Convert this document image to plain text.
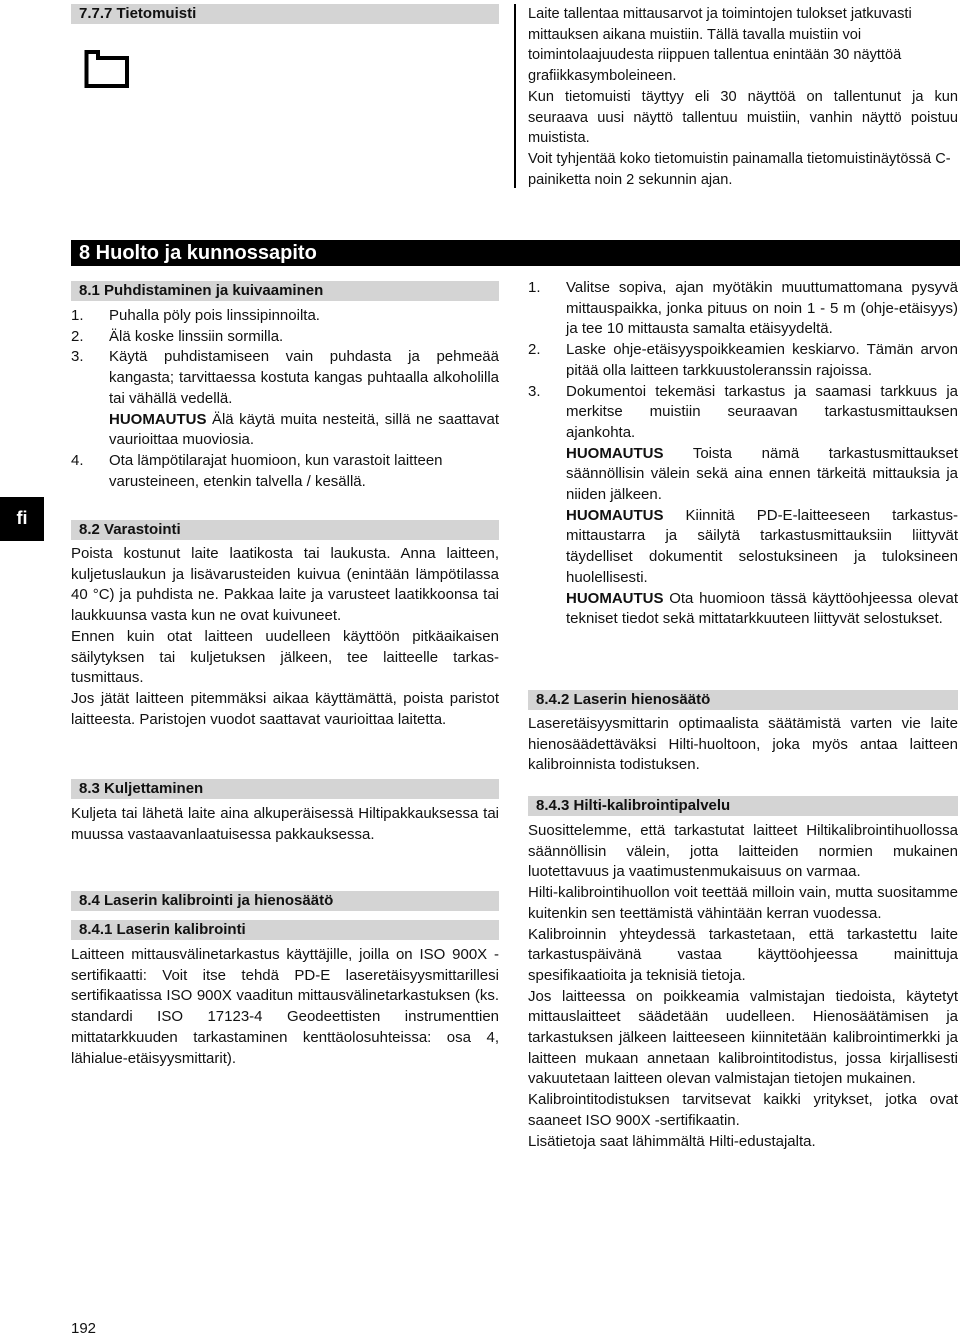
7.7.7 Tietomuisti	Laite tallentaa mittausarvot ja toimintojen tulokset jatkuvasti mittauksen aikana muistiin. Tällä tavalla muistiin voi toimintolaajuudesta riippuen tallentua enintään 30 näyttöä grafiikkasymboleineen.

Kun tietomuisti täyttyy eli 30 näyttöä on tallentunut ja kun seuraava uusi näyttö tallentuu muistiin, vanhin näyttö poistuu muistista.

Voit tyhjentää koko tietomuistin painamalla tietomuistinäytössä C-painiketta noin 2 sekunnin ajan.

8 Huolto ja kunnossapito
fi
8.1 Puhdistaminen ja kuivaaminen
1. Puhalla pöly pois linssipinnoilta.

2. Älä koske linssiin sormilla.

3. Käytä puhdistamiseen vain puhdasta ja pehmeää kangasta; tarvittaessa kostuta kangas puhtaalla alkoholilla tai vähällä vedellä.

HUOMAUTUS Älä käytä muita nesteitä, sillä ne saattavat vaurioittaa muoviosia.

4. Ota lämpötilarajat huomioon, kun varastoit laitteen varusteineen, etenkin talvella / kesällä.

8.2 Varastointi

Poista kostunut laite laatikosta tai laukusta. Anna laitteen, kuljetuslaukun ja lisävarusteiden kuivua (enintään lämpötilassa 40 °C) ja puhdista ne. Pakkaa laite ja varusteet laatikkoonsa tai laukkuunsa vasta kun ne ovat kuivuneet.

Ennen kuin otat laitteen uudelleen käyttöön pitkäaikaisen säilytyksen tai kuljetuksen jälkeen, tee laitteelle tarkastusmittaus.

Jos jätät laitteen pitemmäksi aikaa käyttämättä, poista paristot laitteesta. Paristojen vuodot saattavat vaurioittaa laitetta.

8.3 Kuljettaminen

Kuljeta tai lähetä laite aina alkuperäisessä Hiltipakkauksessa tai muussa vastaavanlaatuisessa pakkauksessa.

8.4 Laserin kalibrointi ja hienosäätö
8.4.1 Laserin kalibrointi

Laitteen mittausvälinetarkastus käyttäjille, joilla on ISO 900X -sertifikaatti: Voit itse tehdä PD-E laseretäisyysmittarillesi sertifikaatissa ISO 900X vaaditun mittausvälinetarkastuksen (ks. standardi ISO 17123-4 Geodeettisten instrumenttien mittatarkkuuden tarkastaminen kenttäolosuhteissa: osa 4, lähialue-etäisyysmittarit).

1. Valitse sopiva, ajan myötäkin muuttumattomana pysyvä mittauspaikka, jonka pituus on noin 1 - 5 m (ohje-etäisyys) ja tee 10 mittausta samalta etäisyydeltä.

2. Laske ohje-etäisyyspoikkeamien keskiarvo. Tämän arvon pitää olla laitteen tarkkuustoleranssin rajoissa.

3. Dokumentoi tekemäsi tarkastus ja saamasi tarkkuus ja merkitse muistiin seuraavan tarkastusmittauksen ajankohta.

HUOMAUTUS Toista nämä tarkastusmittaukset säännöllisin välein sekä aina ennen tärkeitä mittauksia ja niiden jälkeen.

HUOMAUTUS Kiinnitä PD-E-laitteeseen tarkastusmittaustarra ja säilytä tarkastusmittauksiin liittyvät täydelliset dokumentit selostuksineen ja tuloksineen huolellisesti.

HUOMAUTUS Ota huomioon tässä käyttöohjeessa olevat tekniset tiedot sekä mittatarkkuuteen liittyvät selostukset.

8.4.2 Laserin hienosäätö

Laseretäisyysmittarin optimaalista säätämistä varten vie laite hienosäädettäväksi Hilti-huoltoon, joka myös antaa laitteen kalibroinnista todistuksen.

8.4.3 Hilti-kalibrointipalvelu

Suosittelemme, että tarkastutat laitteet Hiltikalibrointihuollossa säännöllisin välein, jotta laitteiden normien mukainen luotettavuus ja vaatimustenmukaisuus on varmaa.

Hilti-kalibrointihuollon voit teettää milloin vain, mutta suositamme kuitenkin sen teettämistä vähintään kerran vuodessa.

Kalibroinnin yhteydessä tarkastetaan, että tarkastettu laite tarkastuspäivänä vastaa käyttöohjeessa mainittuja spesifikaatioita ja teknisiä tietoja.

Jos laitteessa on poikkeamia valmistajan tiedoista, käytetyt mittauslaitteet säädetään uudelleen. Hienosäätämisen ja tarkastuksen jälkeen laitteeseen kiinnitetään kalibrointimerkki ja laitteen mukaan annetaan kalibrointitodistus, jossa kirjallisesti vakuutetaan laitteen olevan valmistajan tietojen mukainen.

Kalibrointitodistuksen tarvitsevat kaikki yritykset, jotka ovat saaneet ISO 900X -sertifikaatin.

Lisätietoja saat lähimmältä Hilti-edustajalta.

192
